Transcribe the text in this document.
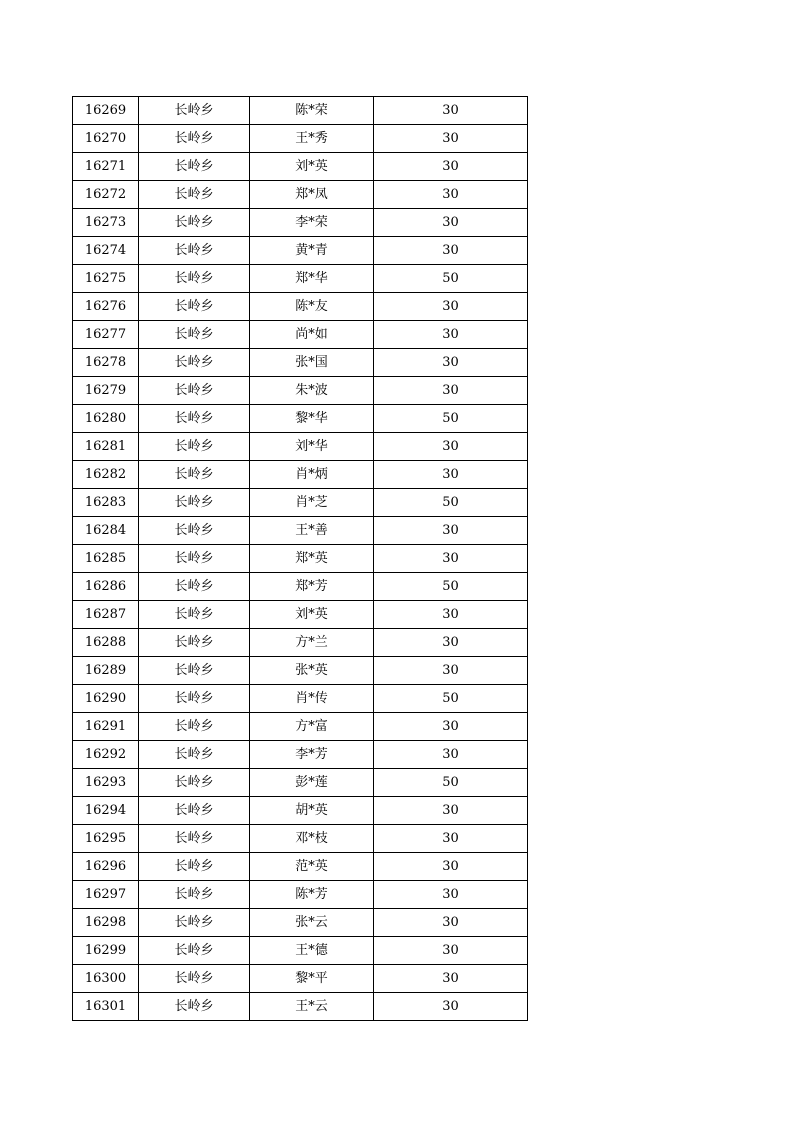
16269	长岭乡	陈*荣	30
16270	长岭乡	王*秀	30
16271	长岭乡	刘*英	30
16272	长岭乡	郑*凤	30
16273	长岭乡	李*荣	30
16274	长岭乡	黄*青	30
16275	长岭乡	郑*华	50
16276	长岭乡	陈*友	30
16277	长岭乡	尚*如	30
16278	长岭乡	张*国	30
16279	长岭乡	朱*波	30
16280	长岭乡	黎*华	50
16281	长岭乡	刘*华	30
16282	长岭乡	肖*炳	30
16283	长岭乡	肖*芝	50
16284	长岭乡	王*善	30
16285	长岭乡	郑*英	30
16286	长岭乡	郑*芳	50
16287	长岭乡	刘*英	30
16288	长岭乡	方*兰	30
16289	长岭乡	张*英	30
16290	长岭乡	肖*传	50
16291	长岭乡	方*富	30
16292	长岭乡	李*芳	30
16293	长岭乡	彭*莲	50
16294	长岭乡	胡*英	30
16295	长岭乡	邓*枝	30
16296	长岭乡	范*英	30
16297	长岭乡	陈*芳	30
16298	长岭乡	张*云	30
16299	长岭乡	王*德	30
16300	长岭乡	黎*平	30
16301	长岭乡	王*云	30
